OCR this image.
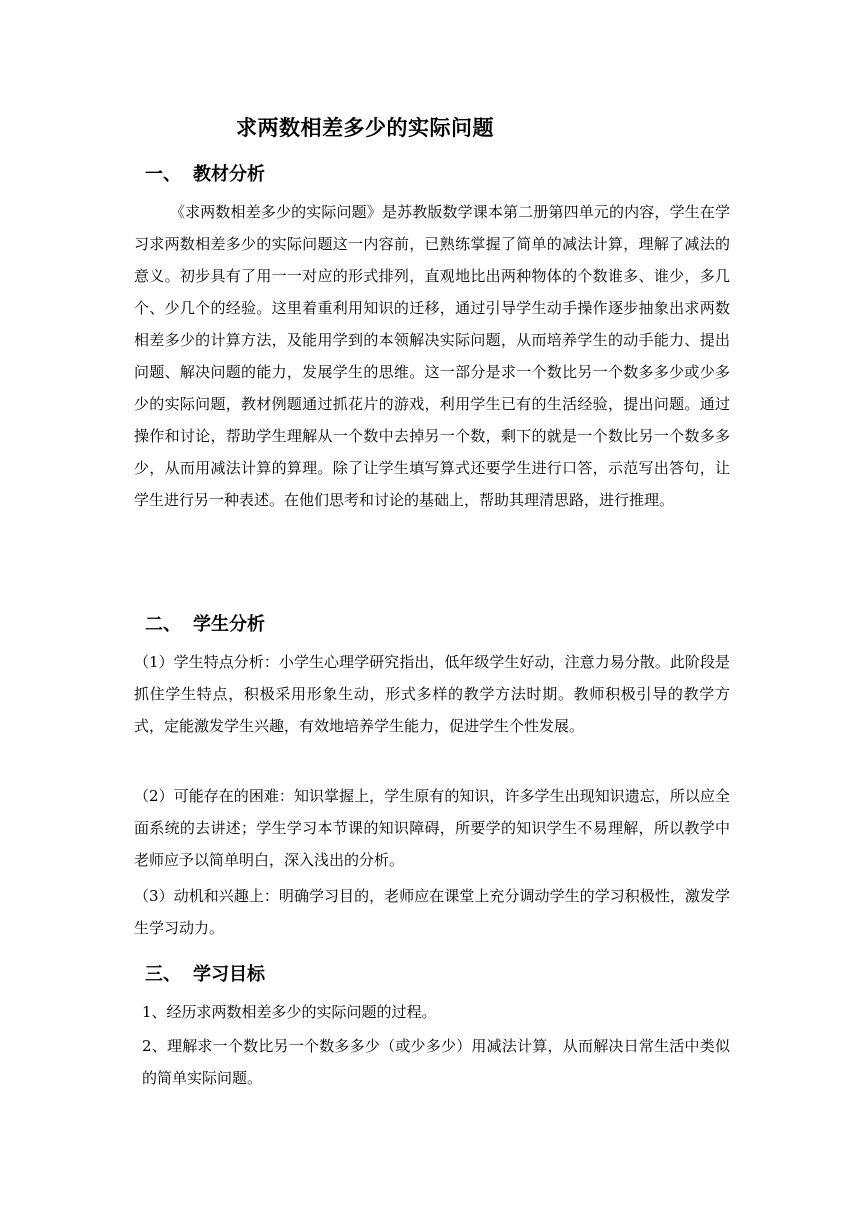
求两数相差多少的实际问题
一、 教材分析

《求两数相差多少的实际问题》是苏教版数学课本第二册第四单元的内容，学生在学习求两数相差多少的实际问题这一内容前，已熟练掌握了简单的减法计算，理解了减法的意义。初步具有了用一一对应的形式排列，直观地比出两种物体的个数谁多、谁少，多几个、少几个的经验。这里着重利用知识的迁移，通过引导学生动手操作逐步抽象出求两数相差多少的计算方法，及能用学到的本领解决实际问题，从而培养学生的动手能力、提出问题、解决问题的能力，发展学生的思维。这一部分是求一个数比另一个数多多少或少多少的实际问题，教材例题通过抓花片的游戏，利用学生已有的生活经验，提出问题。通过操作和讨论，帮助学生理解从一个数中去掉另一个数，剩下的就是一个数比另一个数多多少，从而用减法计算的算理。除了让学生填写算式还要学生进行口答，示范写出答句，让学生进行另一种表述。在他们思考和讨论的基础上，帮助其理清思路，进行推理。

二、 学生分析

（1）学生特点分析：小学生心理学研究指出，低年级学生好动，注意力易分散。此阶段是抓住学生特点，积极采用形象生动，形式多样的教学方法时期。教师积极引导的教学方式，定能激发学生兴趣，有效地培养学生能力，促进学生个性发展。

（2）可能存在的困难：知识掌握上，学生原有的知识，许多学生出现知识遗忘，所以应全面系统的去讲述；学生学习本节课的知识障碍，所要学的知识学生不易理解，所以教学中老师应予以简单明白，深入浅出的分析。

（3）动机和兴趣上：明确学习目的，老师应在课堂上充分调动学生的学习积极性，激发学生学习动力。

三、 学习目标

1、经历求两数相差多少的实际问题的过程。

2、理解求一个数比另一个数多多少（或少多少）用减法计算，从而解决日常生活中类似的简单实际问题。
